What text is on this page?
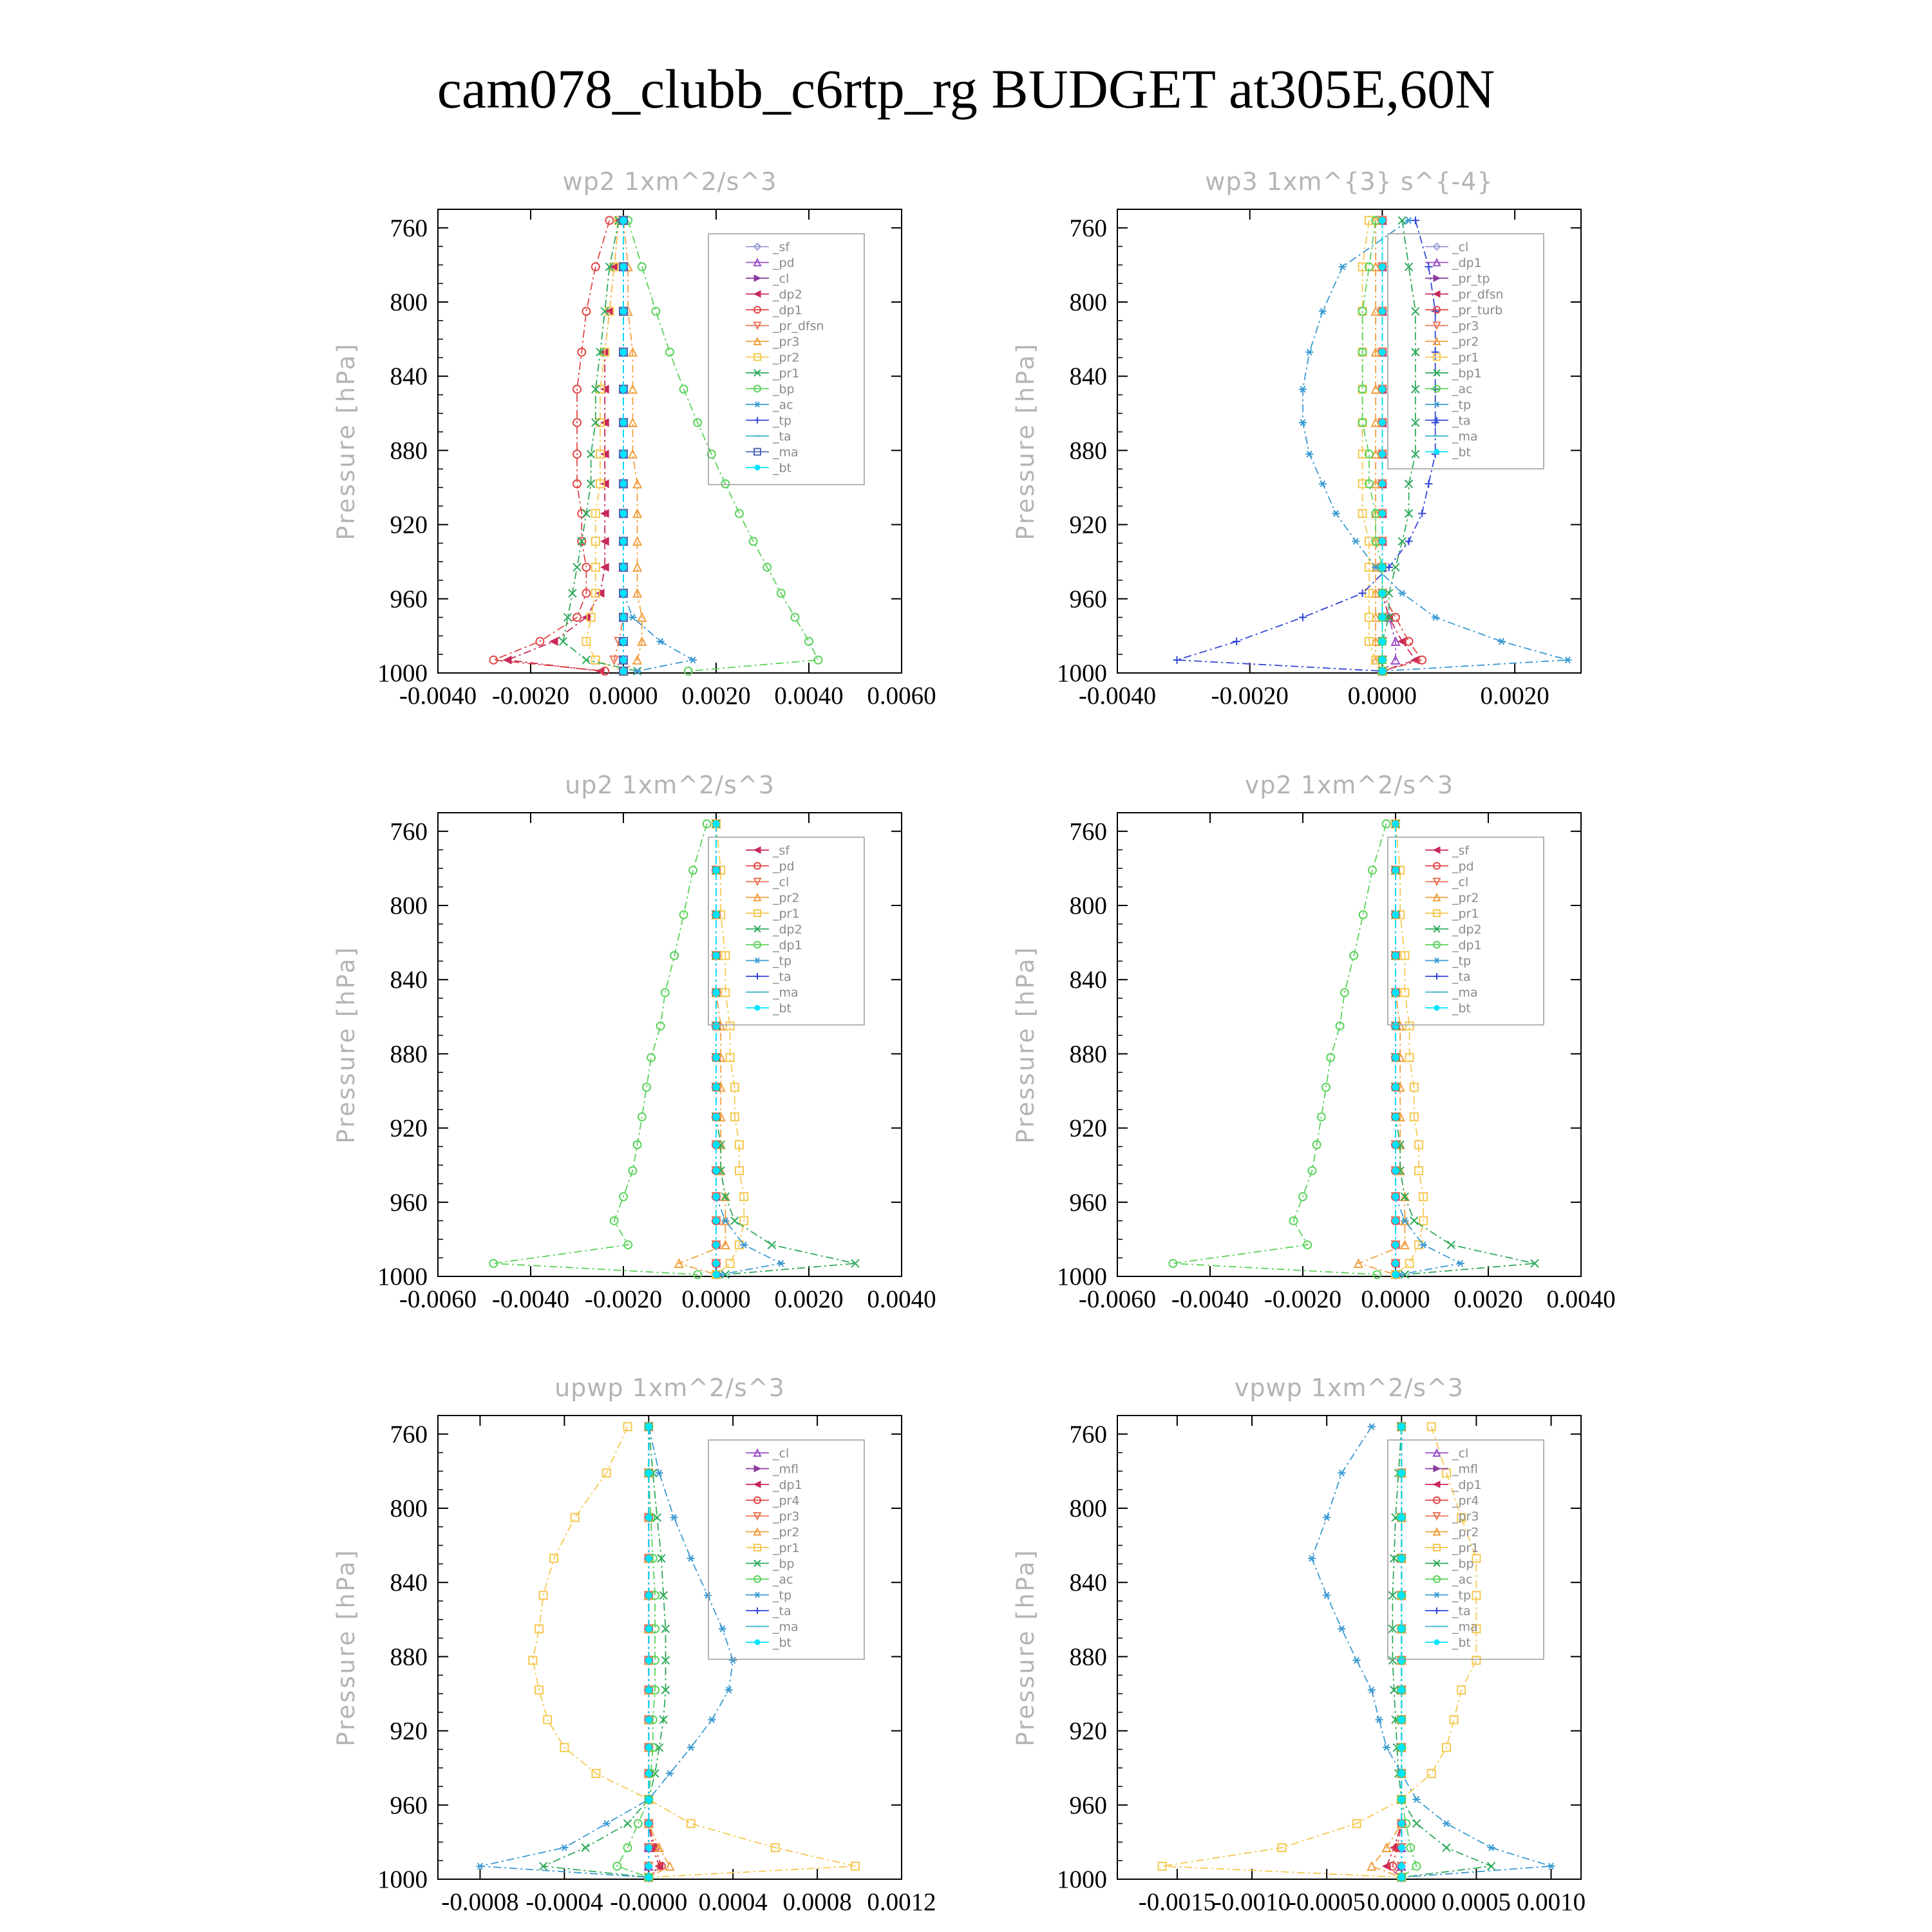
cam078_clubb_c6rtp_rg BUDGET at305E,60N
wp2 1xm^2/s^3
Pressure [hPa]
760
800
840
880
920
960
1000
-0.0040 -0.0020 0.0000 0.0020 0.0040 0.0060
_sf
_pd
_cl
_dp2
_dp1
_pr_dfsn
_pr3
_pr2
_pr1
_bp
_ac
_tp
_ta
_ma
_bt
wp3 1xm^{3} s^{-4}
Pressure [hPa]
760
800
840
880
920
960
1000
-0.0040 -0.0020 0.0000	0.0020
_cl
_dp1
_pr_tp
_pr_dfsn
_pr_turb
_pr3
_pr2
_pr1
_bp1
_ac
_tp
_ta
_ma
_bt
up2 1xm^2/s^3
Pressure [hPa]
760
800
840
880
920
960
1000
-0.0060 -0.0040 -0.0020 0.0000 0.0020 0.0040
_sf
_pd
_cl
_pr2
_pr1
_dp2
_dp1
_tp
_ta
_ma
_bt
vp2 1xm^2/s^3
Pressure [hPa]
760
800
840
880
920
960
1000
-0.0060 -0.0040 -0.0020 0.0000 0.0020 0.0040
_sf
_pd
_cl
_pr2
_pr1
_dp2
_dp1
_tp
_ta
_ma
_bt
upwp 1xm^2/s^3
Pressure [hPa]
760
800
840
880
920
960
1000
-0.0008 -0.0004 -0.0000 0.0004 0.0008 0.0012
_cl
_mfl
_dp1
_pr4
_pr3
_pr2
_pr1
_bp
_ac
_tp
_ta
_ma
_bt
vpwp 1xm^2/s^3
Pressure [hPa]
760
800
840
880
920
960
1000
-0.0015
-0.0010
-0.0005 0.0000 0.0005 0.0010
_cl
_mfl
_dp1
_pr4
_pr3
_pr2
_pr1
_bp
_ac
_tp
_ta
_ma
_bt
